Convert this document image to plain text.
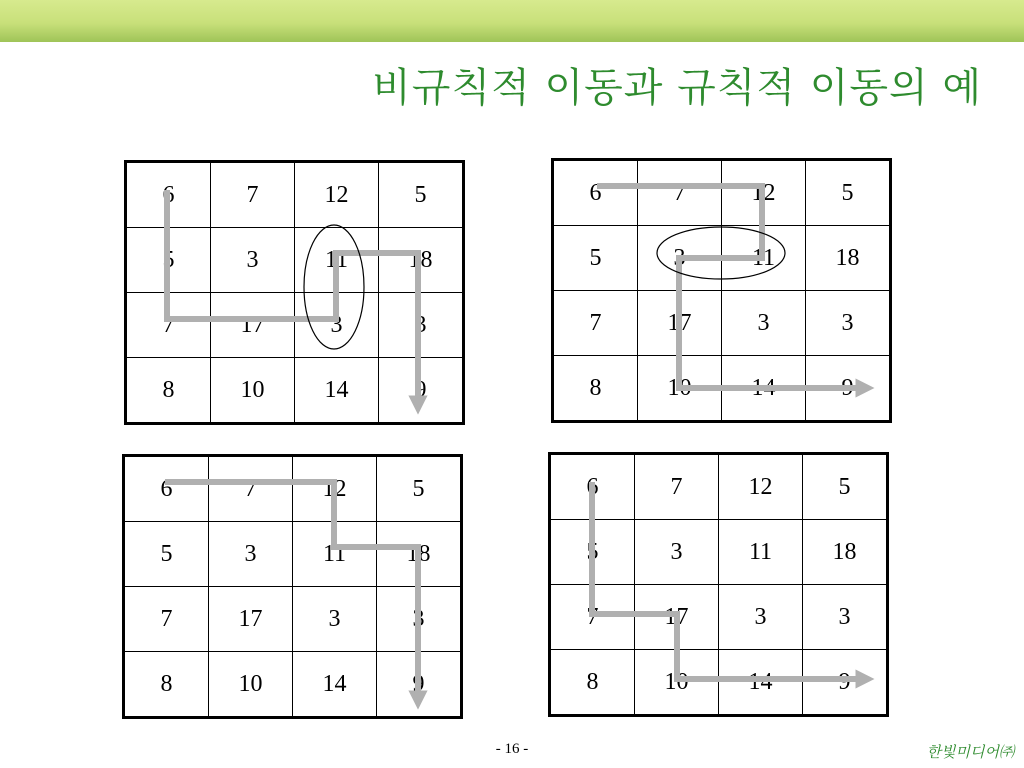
비규칙적 이동과 규칙적 이동의 예
6	7	12	5
5	3	11	18
7	17	3	3
8	10	14	9
6	7	12	5
5	3	11	18
7	17	3	3
8	10	14	9
6	7	12	5
5	3	11	18
7	17	3	3
8	10	14	9
6	7	12	5
5	3	11	18
7	17	3	3
8	10	14	9
- 16 -	한빛미디어㈜
